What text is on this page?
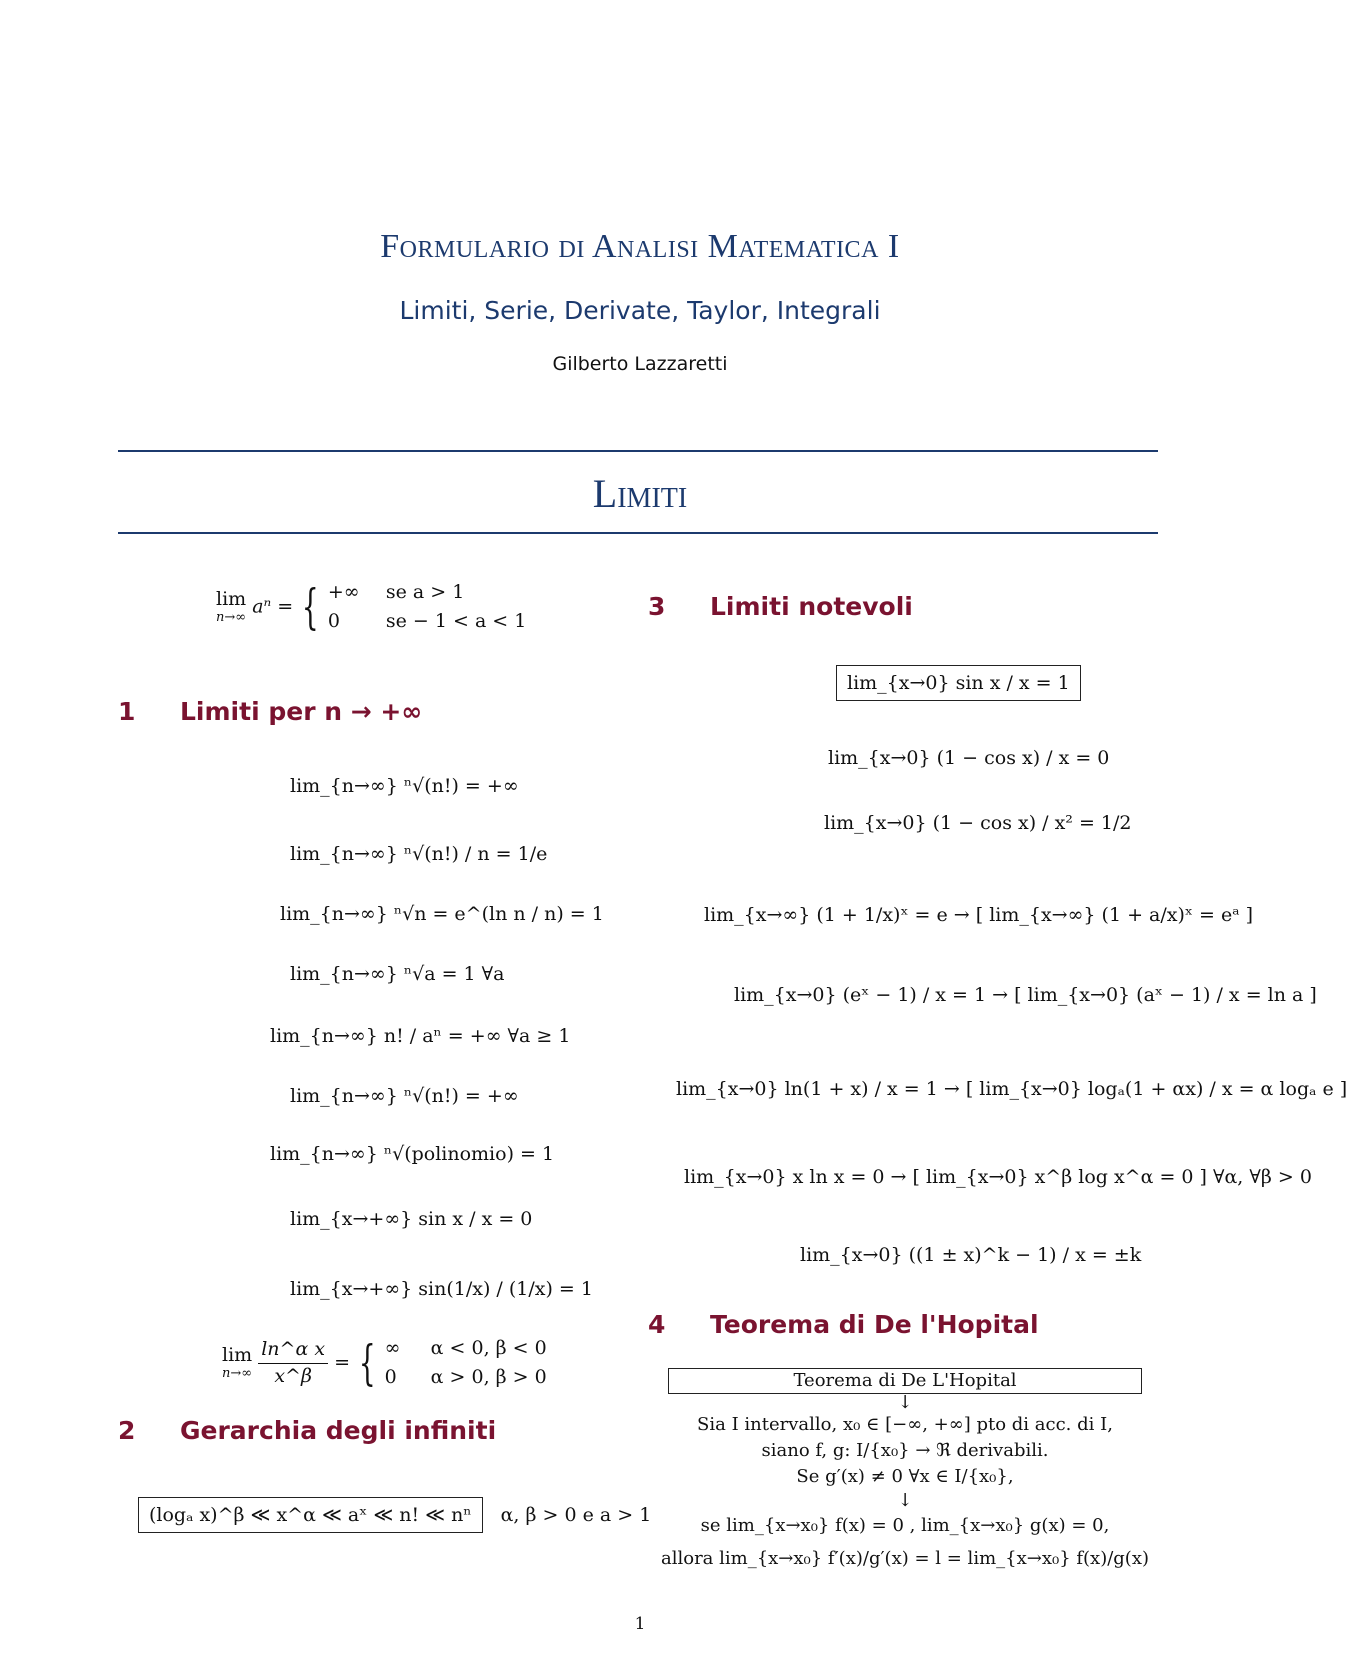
Formulario di Analisi Matematica I
Limiti, Serie, Derivate, Taylor, Integrali
Gilberto Lazzaretti
Limiti
lim
n→∞
aⁿ = { +∞ se a > 1
0 se − 1 < a < 1
1 Limiti per n → +∞
lim_{n→∞} ⁿ√(n!) = +∞
lim_{n→∞} ⁿ√(n!) / n = 1/e
lim_{n→∞} ⁿ√n = e^(ln n / n) = 1
lim_{n→∞} ⁿ√a = 1 ∀a
lim_{n→∞} n! / aⁿ = +∞ ∀a ≥ 1
lim_{n→∞} ⁿ√(n!) = +∞
lim_{n→∞} ⁿ√(polinomio) = 1
lim_{x→+∞} sin x / x = 0
lim_{x→+∞} sin(1/x) / (1/x) = 1
lim
n→∞
$\frac{\text{ln\textasciicircum{}α x}}{x\^{}\beta}$ = { ∞ α < 0, β < 0
0 α > 0, β > 0
2 Gerarchia degli infiniti
(logₐ x)^β ≪ x^α ≪ aˣ ≪ n! ≪ nⁿ α, β > 0 e a > 1
3 Limiti notevoli
lim_{x→0} sin x / x = 1
lim_{x→0} (1 − cos x) / x = 0
lim_{x→0} (1 − cos x) / x² = 1/2
lim_{x→∞} (1 + 1/x)ˣ = e → [ lim_{x→∞} (1 + a/x)ˣ = eᵃ ]
lim_{x→0} (eˣ − 1) / x = 1 → [ lim_{x→0} (aˣ − 1) / x = ln a ]
lim_{x→0} ln(1 + x) / x = 1 → [ lim_{x→0} logₐ(1 + αx) / x = α logₐ e ]
lim_{x→0} x ln x = 0 → [ lim_{x→0} x^β log x^α = 0 ] ∀α, ∀β > 0
lim_{x→0} ((1 ± x)^k − 1) / x = ±k
4 Teorema di De l'Hopital
Teorema di De L'Hopital
↓
Sia I intervallo, x₀ ∈ [−∞, +∞] pto di acc. di I,
siano f, g: I/{x₀} → ℜ derivabili.
Se g′(x) ≠ 0 ∀x ∈ I/{x₀},
↓
se lim_{x→x₀} f(x) = 0 , lim_{x→x₀} g(x) = 0,
allora lim_{x→x₀} f′(x)/g′(x) = l = lim_{x→x₀} f(x)/g(x)
1
